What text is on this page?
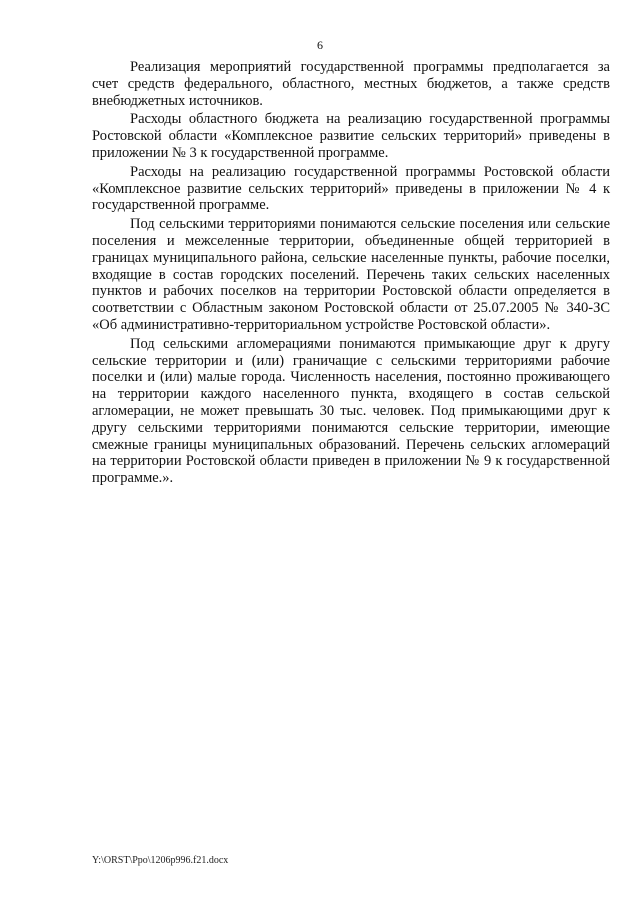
6

Реализация мероприятий государственной программы предполагается за счет средств федерального, областного, местных бюджетов, а также средств внебюджетных источников.

Расходы областного бюджета на реализацию государственной программы Ростовской области «Комплексное развитие сельских территорий» приведены в приложении № 3 к государственной программе.

Расходы на реализацию государственной программы Ростовской области «Комплексное развитие сельских территорий» приведены в приложении № 4 к государственной программе.

Под сельскими территориями понимаются сельские поселения или сельские поселения и межселенные территории, объединенные общей территорией в границах муниципального района, сельские населенные пункты, рабочие поселки, входящие в состав городских поселений. Перечень таких сельских населенных пунктов и рабочих поселков на территории Ростовской области определяется в соответствии с Областным законом Ростовской области от 25.07.2005 № 340-ЗС «Об административно-территориальном устройстве Ростовской области».

Под сельскими агломерациями понимаются примыкающие друг к другу сельские территории и (или) граничащие с сельскими территориями рабочие поселки и (или) малые города. Численность населения, постоянно проживающего на территории каждого населенного пункта, входящего в состав сельской агломерации, не может превышать 30 тыс. человек. Под примыкающими друг к другу сельскими территориями понимаются сельские территории, имеющие смежные границы муниципальных образований. Перечень сельских агломераций на территории Ростовской области приведен в приложении № 9 к государственной программе.».

Y:\ORST\Ppo\1206p996.f21.docx
